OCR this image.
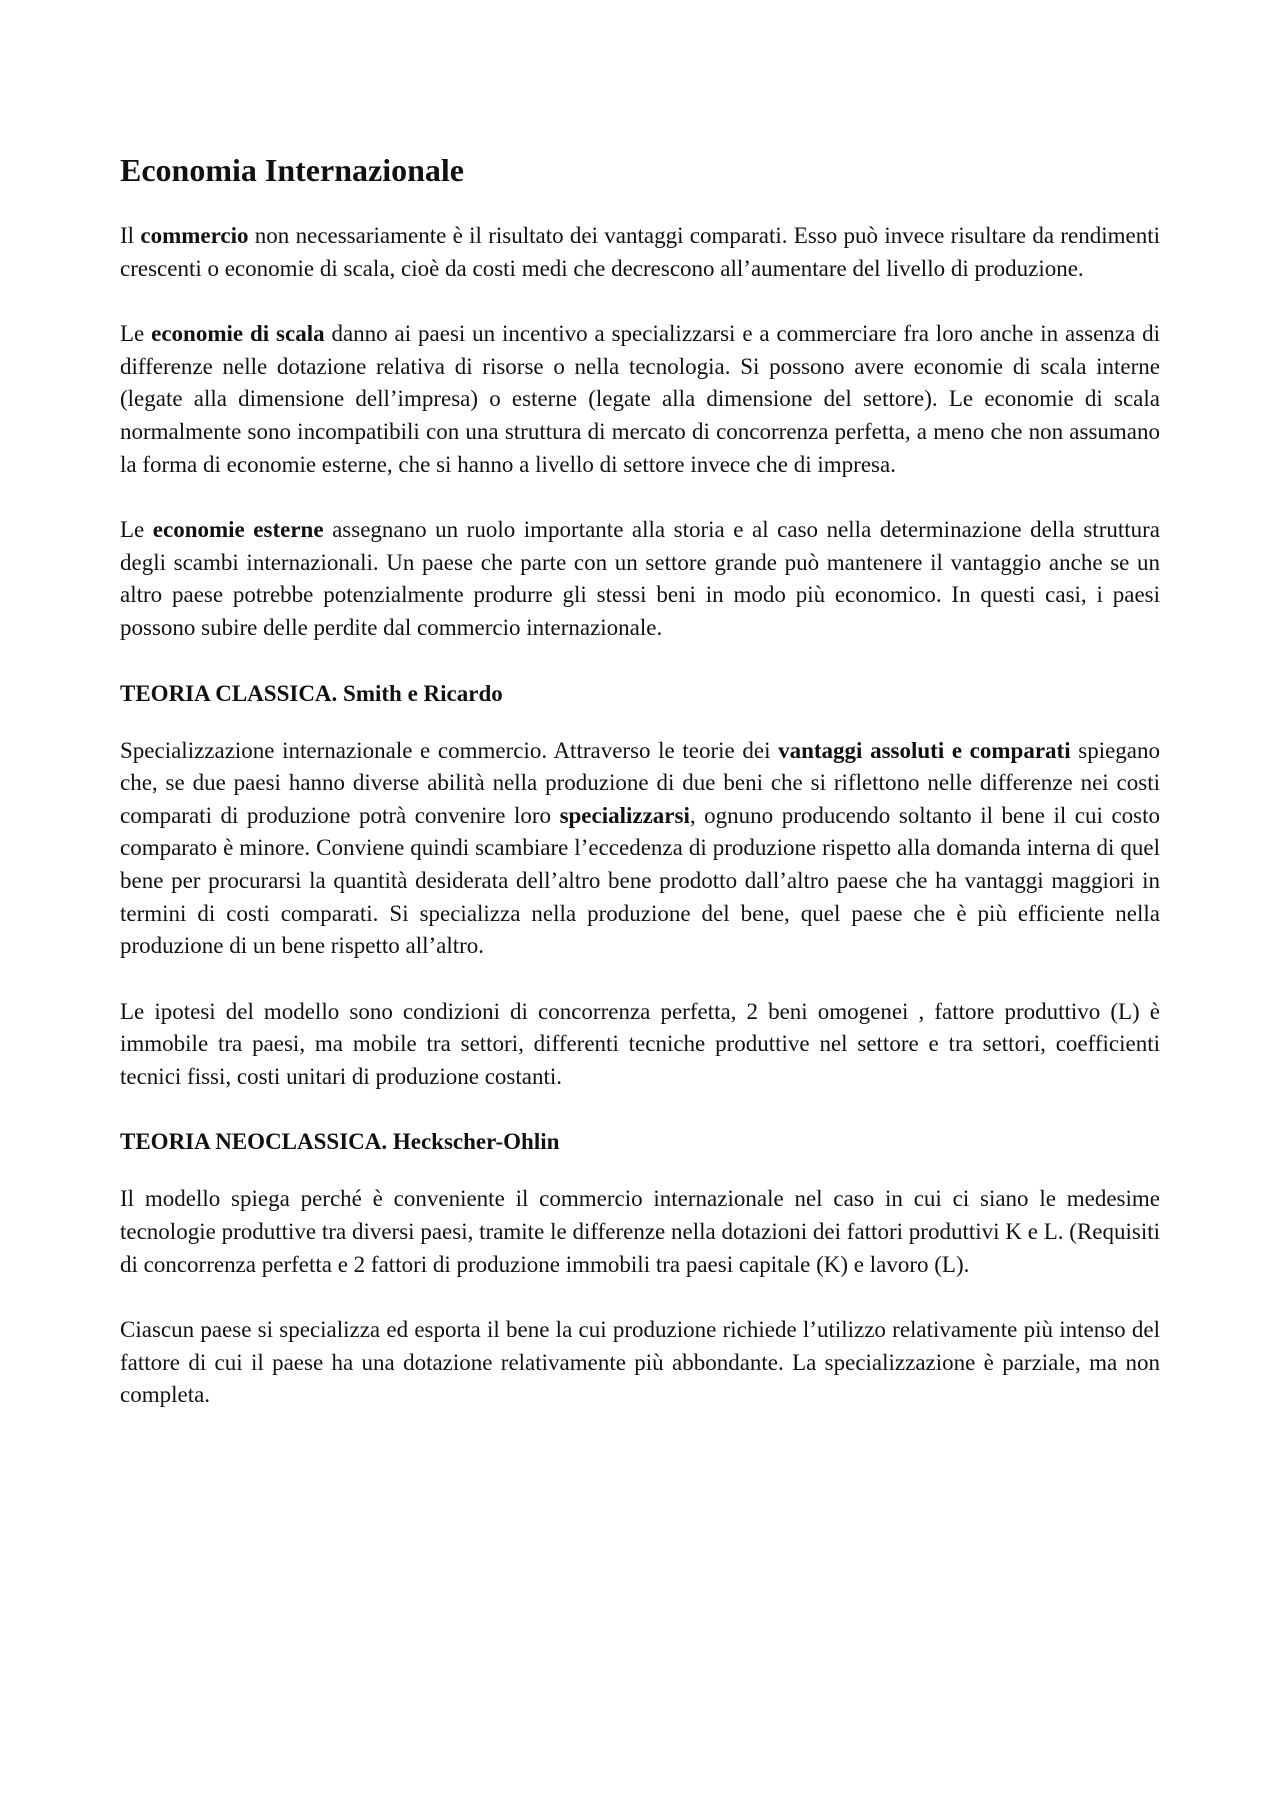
Economia Internazionale

Il commercio non necessariamente è il risultato dei vantaggi comparati. Esso può invece risultare da rendimenti crescenti o economie di scala, cioè da costi medi che decrescono all’aumentare del livello di produzione.

Le economie di scala danno ai paesi un incentivo a specializzarsi e a commerciare fra loro anche in assenza di differenze nelle dotazione relativa di risorse o nella tecnologia. Si possono avere economie di scala interne (legate alla dimensione dell’impresa) o esterne (legate alla dimensione del settore). Le economie di scala normalmente sono incompatibili con una struttura di mercato di concorrenza perfetta, a meno che non assumano la forma di economie esterne, che si hanno a livello di settore invece che di impresa.

Le economie esterne assegnano un ruolo importante alla storia e al caso nella determinazione della struttura degli scambi internazionali. Un paese che parte con un settore grande può mantenere il vantaggio anche se un altro paese potrebbe potenzialmente produrre gli stessi beni in modo più economico. In questi casi, i paesi possono subire delle perdite dal commercio internazionale.

TEORIA CLASSICA. Smith e Ricardo

Specializzazione internazionale e commercio. Attraverso le teorie dei vantaggi assoluti e comparati spiegano che, se due paesi hanno diverse abilità nella produzione di due beni che si riflettono nelle differenze nei costi comparati di produzione potrà convenire loro specializzarsi, ognuno producendo soltanto il bene il cui costo comparato è minore. Conviene quindi scambiare l’eccedenza di produzione rispetto alla domanda interna di quel bene per procurarsi la quantità desiderata dell’altro bene prodotto dall’altro paese che ha vantaggi maggiori in termini di costi comparati. Si specializza nella produzione del bene, quel paese che è più efficiente nella produzione di un bene rispetto all’altro.

Le ipotesi del modello sono condizioni di concorrenza perfetta, 2 beni omogenei , fattore produttivo (L) è immobile tra paesi, ma mobile tra settori, differenti tecniche produttive nel settore e tra settori, coefficienti tecnici fissi, costi unitari di produzione costanti.

TEORIA NEOCLASSICA. Heckscher-Ohlin

Il modello spiega perché è conveniente il commercio internazionale nel caso in cui ci siano le medesime tecnologie produttive tra diversi paesi, tramite le differenze nella dotazioni dei fattori produttivi K e L. (Requisiti di concorrenza perfetta e 2 fattori di produzione immobili tra paesi capitale (K) e lavoro (L).

Ciascun paese si specializza ed esporta il bene la cui produzione richiede l’utilizzo relativamente più intenso del fattore di cui il paese ha una dotazione relativamente più abbondante. La specializzazione è parziale, ma non completa.
